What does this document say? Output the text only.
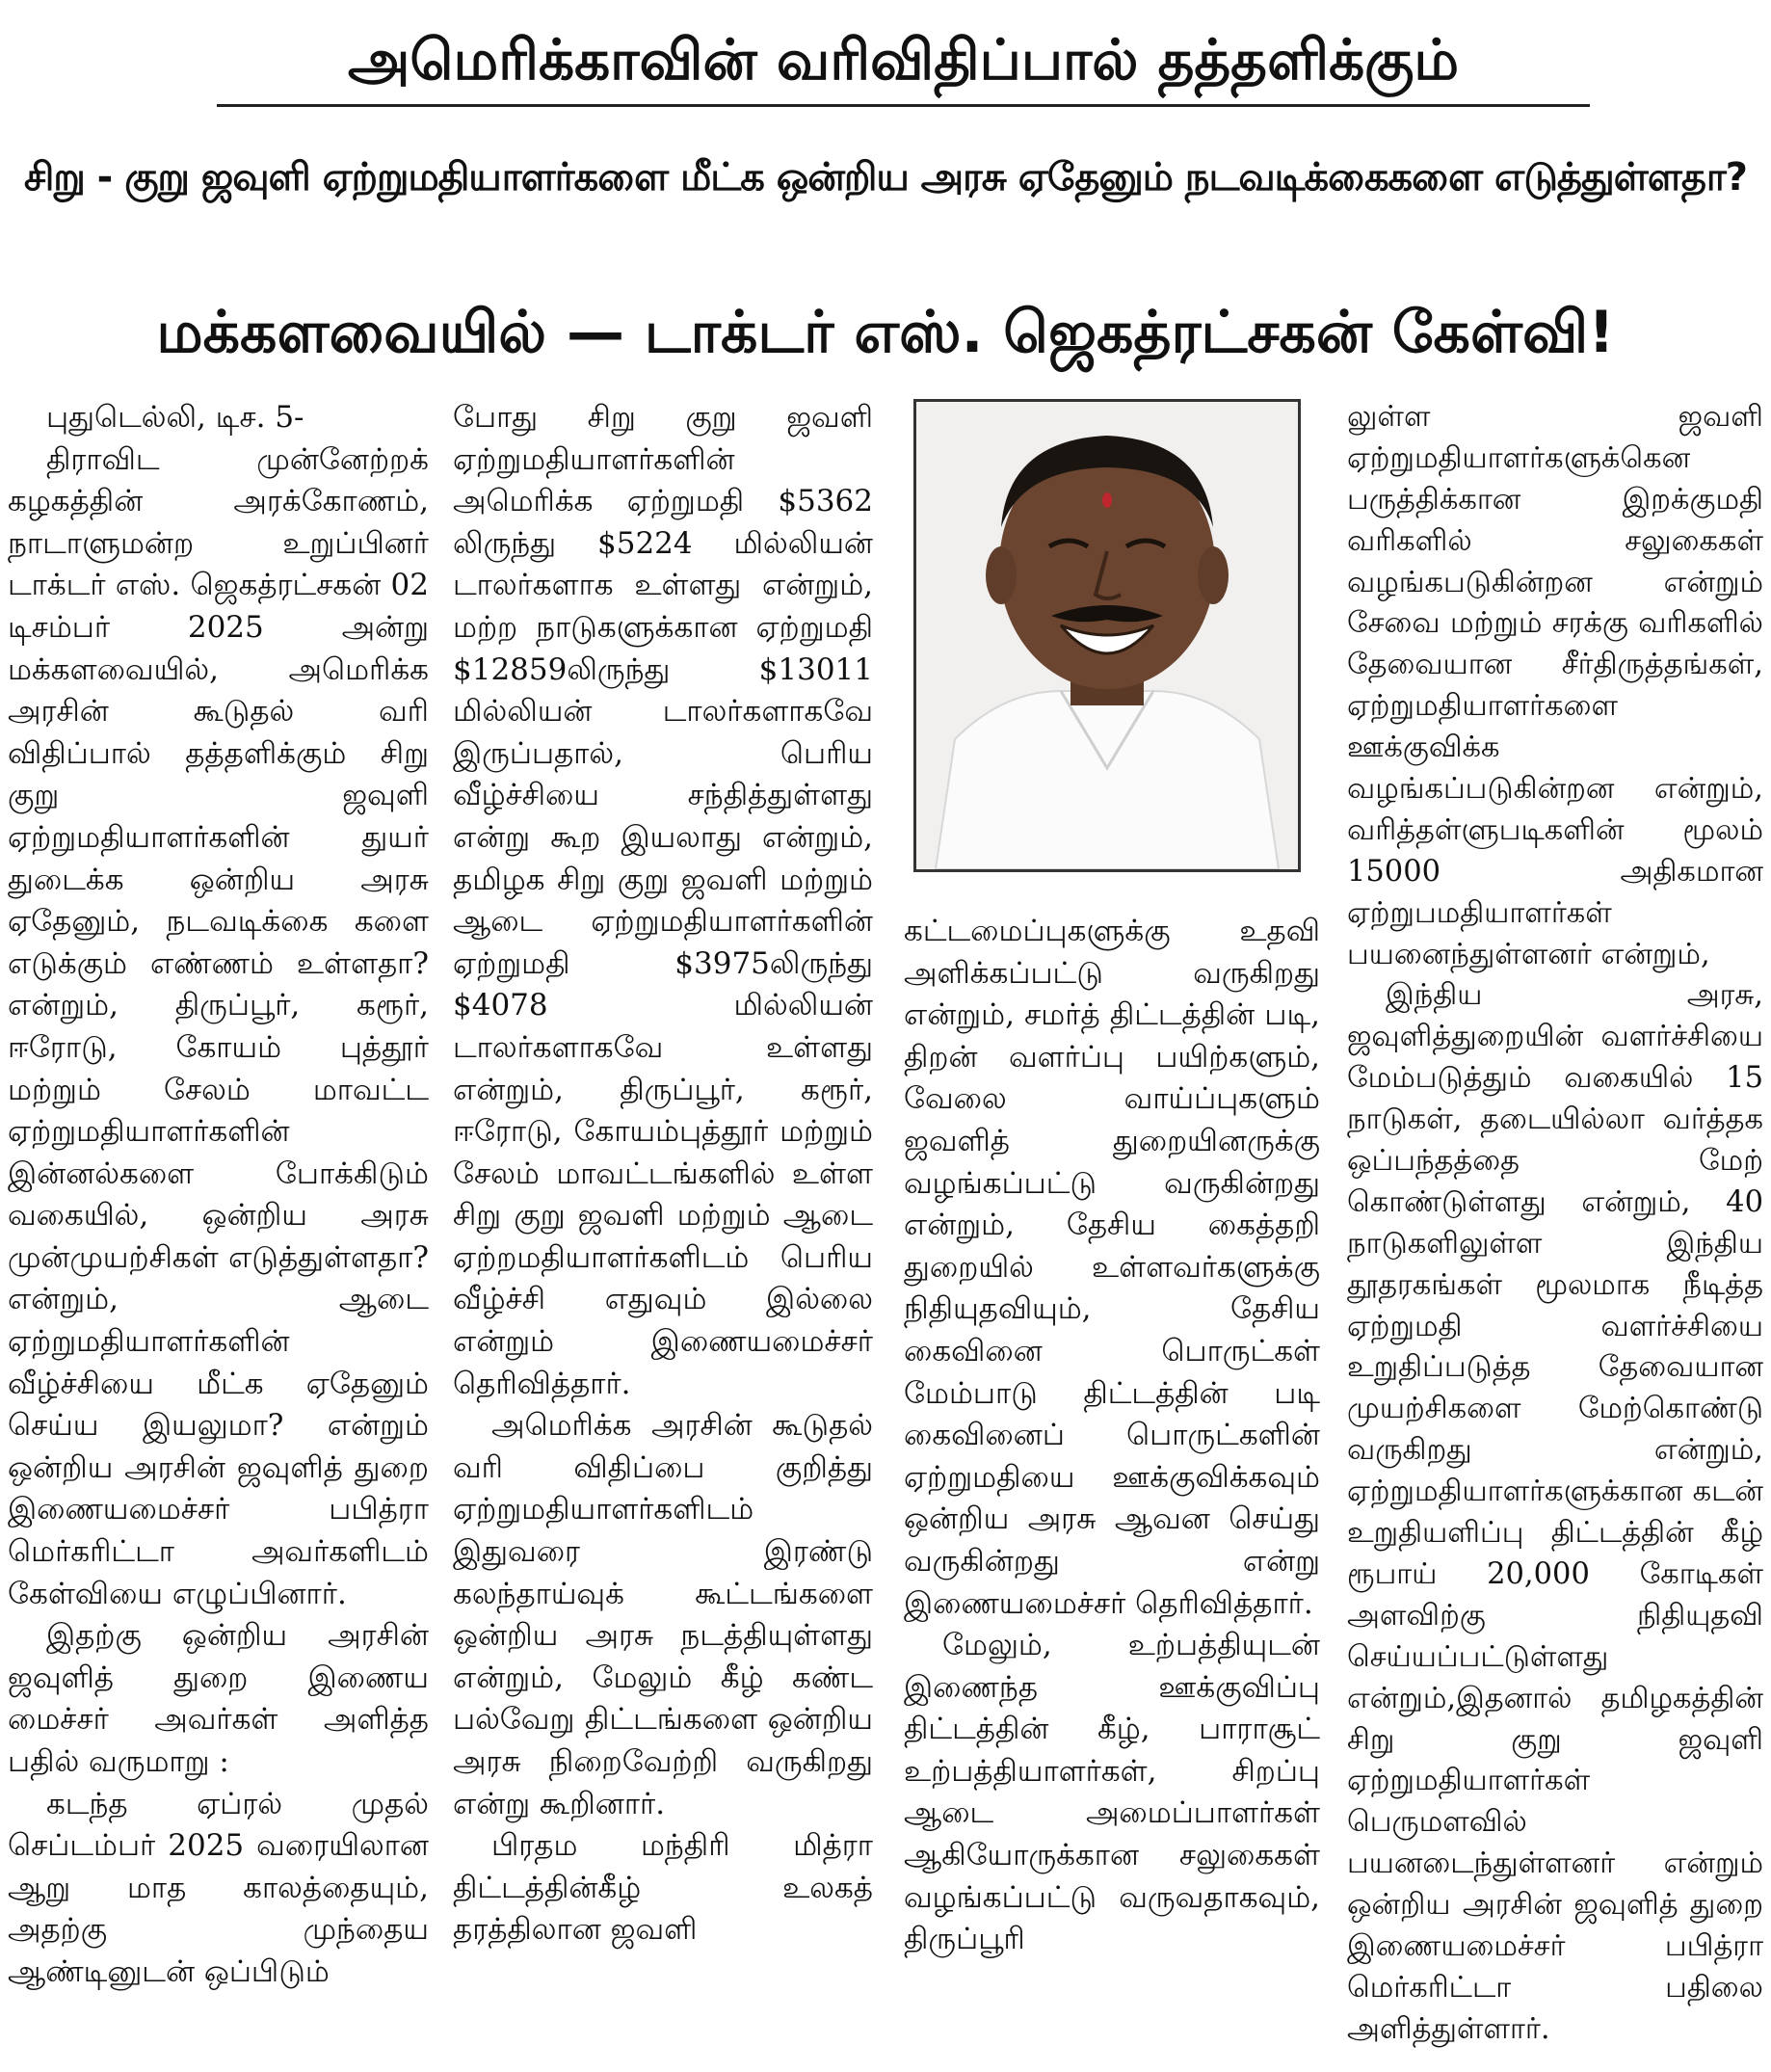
அமெரிக்காவின் வரிவிதிப்பால் தத்தளிக்கும்
சிறு - குறு ஜவுளி ஏற்றுமதியாளர்களை மீட்க ஒன்றிய அரசு ஏதேனும் நடவடிக்கைகளை எடுத்துள்ளதா?
மக்களவையில் — டாக்டர் எஸ். ஜெகத்ரட்சகன் கேள்வி!

புதுடெல்லி, டிச. 5-

திராவிட முன்னேற்றக் கழகத்தின் அரக்கோணம், நாடாளுமன்ற உறுப்பினர் டாக்டர் எஸ். ஜெகத்ரட்சகன் 02 டிசம்பர் 2025 அன்று மக்களவையில், அமெரிக்க அரசின் கூடுதல் வரி விதிப்பால் தத்தளிக்கும் சிறு குறு ஜவுளி ஏற்றுமதியாளர்களின் துயர் துடைக்க ஒன்றிய அரசு ஏதேனும், நடவடிக்கை களை எடுக்கும் எண்ணம் உள்ளதா? என்றும், திருப்பூர், கரூர், ஈரோடு, கோயம் புத்தூர் மற்றும் சேலம் மாவட்ட ஏற்றுமதியாளர்களின் இன்னல்களை போக்கிடும் வகையில், ஒன்றிய அரசு முன்முயற்சிகள் எடுத்துள்ளதா? என்றும், ஆடை ஏற்றுமதியாளர்களின் வீழ்ச்சியை மீட்க ஏதேனும் செய்ய இயலுமா? என்றும் ஒன்றிய அரசின் ஜவுளித் துறை இணையமைச்சர் பபித்ரா மெர்கரிட்டா அவர்களிடம் கேள்வியை எழுப்பினார்.

இதற்கு ஒன்றிய அரசின் ஜவுளித் துறை இணைய மைச்சர் அவர்கள் அளித்த பதில் வருமாறு :

கடந்த ஏப்ரல் முதல் செப்டம்பர் 2025 வரையிலான ஆறு மாத காலத்தையும், அதற்கு முந்தைய ஆண்டினுடன் ஒப்பிடும்

போது சிறு குறு ஜவளி ஏற்றுமதியாளர்களின் அமெரிக்க ஏற்றுமதி $5362 லிருந்து $5224 மில்லியன் டாலர்களாக உள்ளது என்றும், மற்ற நாடுகளுக்கான ஏற்றுமதி $12859லிருந்து $13011 மில்லியன் டாலர்களாகவே இருப்பதால், பெரிய வீழ்ச்சியை சந்தித்துள்ளது என்று கூற இயலாது என்றும், தமிழக சிறு குறு ஜவளி மற்றும் ஆடை ஏற்றுமதியாளர்களின் ஏற்றுமதி $3975லிருந்து $4078 மில்லியன் டாலர்களாகவே உள்ளது என்றும், திருப்பூர், கரூர், ஈரோடு, கோயம்புத்தூர் மற்றும் சேலம் மாவட்டங்களில் உள்ள சிறு குறு ஜவளி மற்றும் ஆடை ஏற்றமதியாளர்களிடம் பெரிய வீழ்ச்சி எதுவும் இல்லை என்றும் இணையமைச்சர் தெரிவித்தார்.

அமெரிக்க அரசின் கூடுதல் வரி விதிப்பை குறித்து ஏற்றுமதியாளர்களிடம் இதுவரை இரண்டு கலந்தாய்வுக் கூட்டங்களை ஒன்றிய அரசு நடத்தியுள்ளது என்றும், மேலும் கீழ் கண்ட பல்வேறு திட்டங்களை ஒன்றிய அரசு நிறைவேற்றி வருகிறது என்று கூறினார்.

பிரதம மந்திரி மித்ரா திட்டத்தின்கீழ் உலகத் தரத்திலான ஜவளி

கட்டமைப்புகளுக்கு உதவி அளிக்கப்பட்டு வருகிறது என்றும், சமர்த் திட்டத்தின் படி, திறன் வளர்ப்பு பயிற்களும், வேலை வாய்ப்புகளும் ஜவளித் துறையினருக்கு வழங்கப்பட்டு வருகின்றது என்றும், தேசிய கைத்தறி துறையில் உள்ளவர்களுக்கு நிதியுதவியும், தேசிய கைவினை பொருட்கள் மேம்பாடு திட்டத்தின் படி கைவினைப் பொருட்களின் ஏற்றுமதியை ஊக்குவிக்கவும் ஒன்றிய அரசு ஆவன செய்து வருகின்றது என்று இணையமைச்சர் தெரிவித்தார்.

மேலும், உற்பத்தியுடன் இணைந்த ஊக்குவிப்பு திட்டத்தின் கீழ், பாராசூட் உற்பத்தியாளர்கள், சிறப்பு ஆடை அமைப்பாளர்கள் ஆகியோருக்கான சலுகைகள் வழங்கப்பட்டு வருவதாகவும், திருப்பூரி

லுள்ள ஜவளி ஏற்றுமதியாளர்களுக்கென பருத்திக்கான இறக்குமதி வரிகளில் சலுகைகள் வழங்கபடுகின்றன என்றும் சேவை மற்றும் சரக்கு வரிகளில் தேவையான சீர்திருத்தங்கள், ஏற்றுமதியாளர்களை ஊக்குவிக்க வழங்கப்படுகின்றன என்றும், வரித்தள்ளுபடிகளின் மூலம் 15000 அதிகமான ஏற்றுபமதியாளர்கள் பயனைந்துள்ளனர் என்றும்,

இந்திய அரசு, ஜவுளித்துறையின் வளர்ச்சியை மேம்படுத்தும் வகையில் 15 நாடுகள், தடையில்லா வர்த்தக ஒப்பந்தத்தை மேற் கொண்டுள்ளது என்றும், 40 நாடுகளிலுள்ள இந்திய தூதரகங்கள் மூலமாக நீடித்த ஏற்றுமதி வளர்ச்சியை உறுதிப்படுத்த தேவையான முயற்சிகளை மேற்கொண்டு வருகிறது என்றும், ஏற்றுமதியாளர்களுக்கான கடன் உறுதியளிப்பு திட்டத்தின் கீழ் ரூபாய் 20,000 கோடிகள் அளவிற்கு நிதியுதவி செய்யப்பட்டுள்ளது என்றும்,இதனால் தமிழகத்தின் சிறு குறு ஜவுளி ஏற்றுமதியாளர்கள் பெருமளவில் பயனடைந்துள்ளனர் என்றும் ஒன்றிய அரசின் ஜவுளித் துறை இணையமைச்சர் பபித்ரா மெர்கரிட்டா பதிலை அளித்துள்ளார்.
